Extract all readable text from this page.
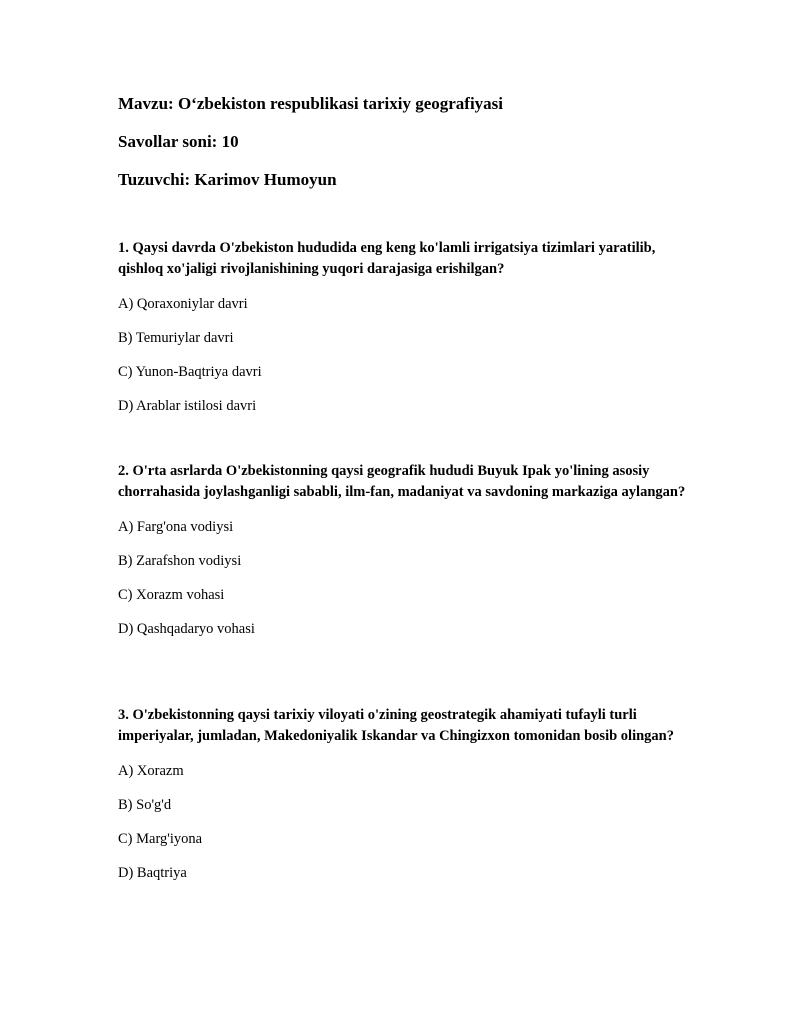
Mavzu: O‘zbekiston respublikasi tarixiy geografiyasi

Savollar soni: 10

Tuzuvchi: Karimov Humoyun

1. Qaysi davrda O'zbekiston hududida eng keng ko'lamli irrigatsiya tizimlari yaratilib, qishloq xo'jaligi rivojlanishining yuqori darajasiga erishilgan?

A) Qoraxoniylar davri

B) Temuriylar davri

C) Yunon-Baqtriya davri

D) Arablar istilosi davri

2. O'rta asrlarda O'zbekistonning qaysi geografik hududi Buyuk Ipak yo'lining asosiy chorrahasida joylashganligi sababli, ilm-fan, madaniyat va savdoning markaziga aylangan?

A) Farg'ona vodiysi

B) Zarafshon vodiysi

C) Xorazm vohasi

D) Qashqadaryo vohasi

3. O'zbekistonning qaysi tarixiy viloyati o'zining geostrategik ahamiyati tufayli turli imperiyalar, jumladan, Makedoniyalik Iskandar va Chingizxon tomonidan bosib olingan?

A) Xorazm

B) So'g'd

C) Marg'iyona

D) Baqtriya
